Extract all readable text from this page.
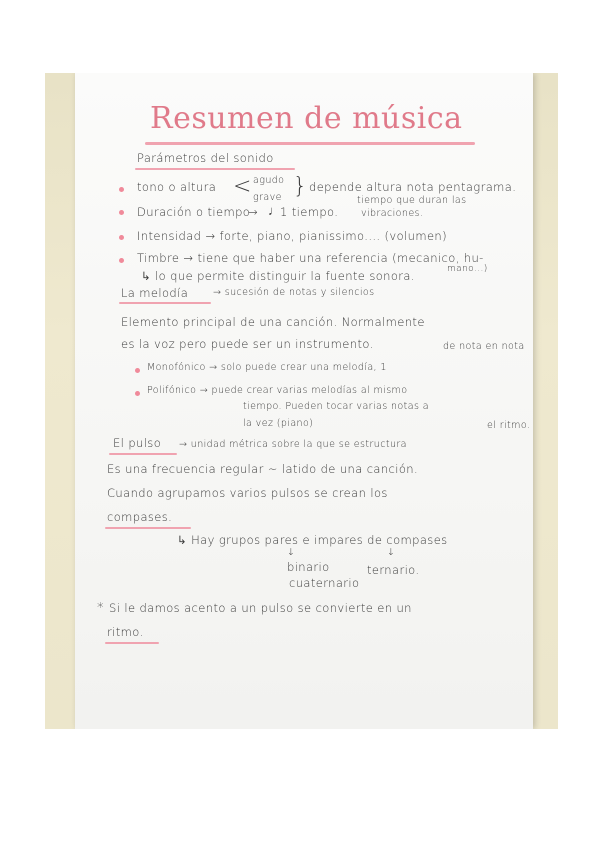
Resumen de música
Parámetros del sonido
tono o altura < agudo
grave } depende altura nota pentagrama.
Duración o tiempo
→ ♩
1 tiempo.
tiempo que duran las
vibraciones.
Intensidad → forte, piano, pianissimo.... (volumen)
Timbre → tiene que haber una referencia (mecanico, hu-
mano...)
↳ lo que permite distinguir la fuente sonora.
La melodía	→ sucesión de notas y silencios
Elemento principal de una canción. Normalmente
es la voz pero puede ser un instrumento.	de nota en nota
Monofónico → solo puede crear una melodía, 1
Polifónico → puede crear varias melodías al mismo
tiempo. Pueden tocar varias notas a
la vez (piano)	el ritmo.
El pulso → unidad métrica sobre la que se estructura
Es una frecuencia regular ~ latido de una canción.
Cuando agrupamos varios pulsos se crean los
compases.
↳ Hay grupos pares e impares de compases
↓	↓
binario
cuaternario
ternario.
* Si le damos acento a un pulso se convierte en un
ritmo.
